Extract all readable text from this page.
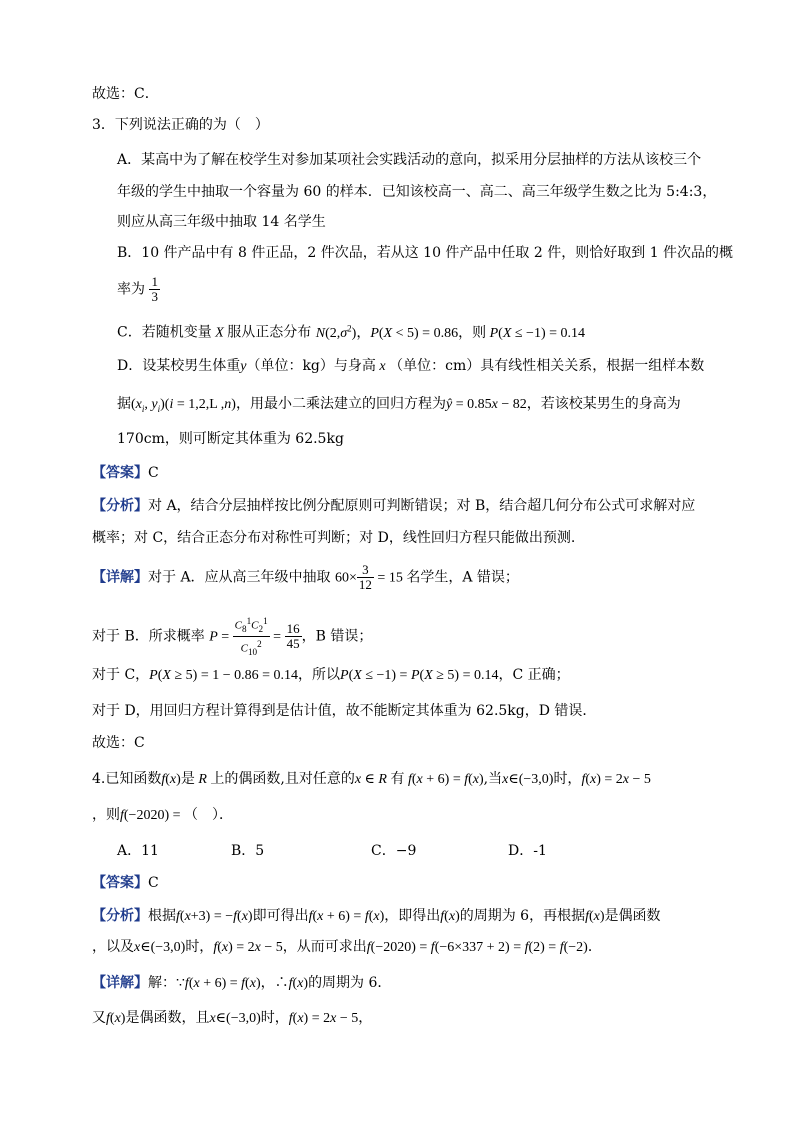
故选：C．
3．下列说法正确的为（　）
A．某高中为了解在校学生对参加某项社会实践活动的意向，拟采用分层抽样的方法从该校三个
年级的学生中抽取一个容量为 60 的样本．已知该校高一、高二、高三年级学生数之比为 5:4:3，
则应从高三年级中抽取 14 名学生
B．10 件产品中有 8 件正品，2 件次品，若从这 10 件产品中任取 2 件，则恰好取到 1 件次品的概
率为 $\frac{1}{3}$
C．若随机变量 X 服从正态分布 $N(2,\sigma^2)$，P(X < 5) = 0.86，则 P(X ≤ −1) = 0.14
D．设某校男生体重y（单位：kg）与身高 x （单位：cm）具有线性相关关系，根据一组样本数
据($x_i$, $y_i)(i = 1,2,L$ ,n)，用最小二乘法建立的回归方程为ŷ = 0.85x − 82，若该校某男生的身高为
170cm，则可断定其体重为 62.5kg
【答案】C
【分析】对 A，结合分层抽样按比例分配原则可判断错误；对 B，结合超几何分布公式可求解对应
概率；对 C，结合正态分布对称性可判断；对 D，线性回归方程只能做出预测.
【详解】对于 A．应从高三年级中抽取 $60\times \frac{3}{12} = 15$ 名学生，A 错误；
对于 B．所求概率 $P = \frac{C_8^1C_2^1}{C_{10}^2} = \frac{16}{45}$ ，B 错误；
对于 C，P(X ≥ 5) = 1 − 0.86 = 0.14，所以P(X ≤ −1) = P(X ≥ 5) = 0.14，C 正确；
对于 D，用回归方程计算得到是估计值，故不能断定其体重为 62.5kg，D 错误．
故选：C
4.已知函数f(x)是 R 上的偶函数,且对任意的x ∈ R 有 f(x + 6) = f(x),当x∈(−3,0)时，f(x) = 2x − 5
，则f(−2020) = （　）．
A．11	B．5	C．−9	D．-1
【答案】C
【分析】根据f(x+3) = −f(x)即可得出f(x + 6) = f(x)，即得出f(x)的周期为 6，再根据f(x)是偶函数
，以及x∈(−3,0)时，f(x) = 2x − 5，从而可求出f(−2020) = f(−6×337 + 2) = f(2) = f(−2)．
【详解】解：∵f(x + 6) = f(x)，∴f(x)的周期为 6．
又f(x)是偶函数，且x∈(−3,0)时，f(x) = 2x − 5，
